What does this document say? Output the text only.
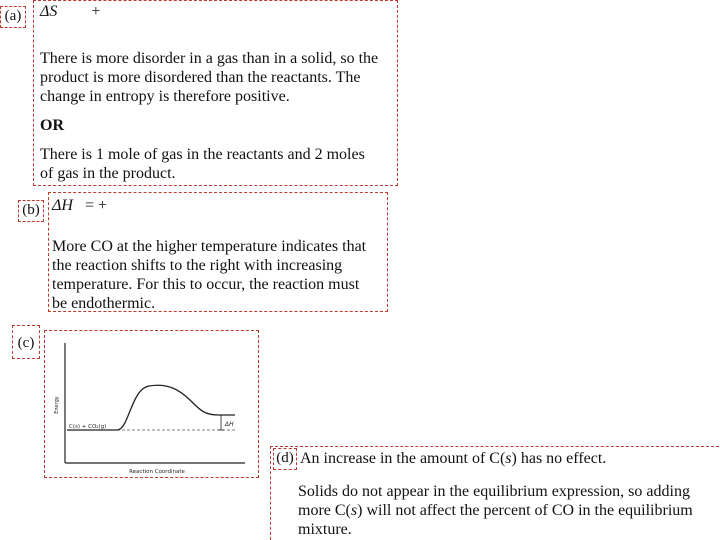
(a) ΔS +
There is more disorder in a gas than in a solid, so the
product is more disordered than the reactants. The
change in entropy is therefore positive.
OR
There is 1 mole of gas in the reactants and 2 moles
of gas in the product.
(b) ΔH = +
More CO at the higher temperature indicates that
the reaction shifts to the right with increasing
temperature. For this to occur, the reaction must
be endothermic.
(c)
ΔH
C(s) + CO₂(g)
Energy
Reaction Coordinate
(d) An increase in the amount of C(s) has no effect.
Solids do not appear in the equilibrium expression, so adding
more C(s) will not affect the percent of CO in the equilibrium
mixture.
